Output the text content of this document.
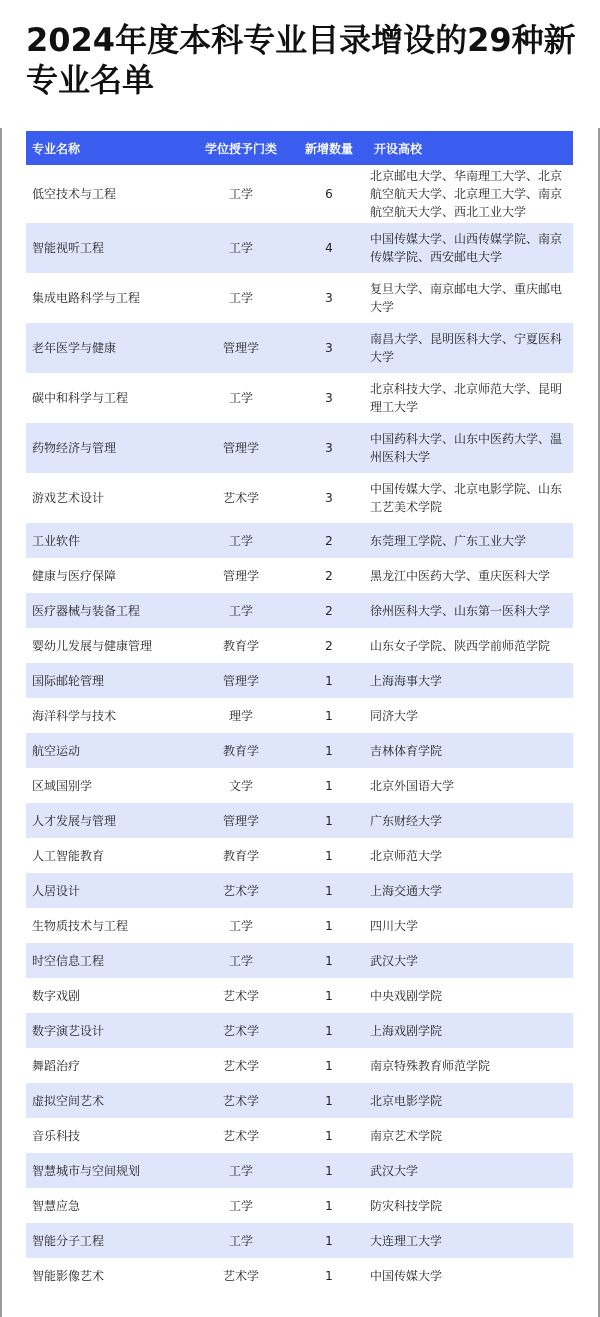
2024年度本科专业目录增设的29种新专业名单
专业名称	学位授予门类	新增数量	开设高校
低空技术与工程	工学	6	北京邮电大学、华南理工大学、北京航空航天大学、北京理工大学、南京航空航天大学、西北工业大学
智能视听工程	工学	4	中国传媒大学、山西传媒学院、南京传媒学院、西安邮电大学
集成电路科学与工程	工学	3	复旦大学、南京邮电大学、重庆邮电大学
老年医学与健康	管理学	3	南昌大学、昆明医科大学、宁夏医科大学
碳中和科学与工程	工学	3	北京科技大学、北京师范大学、昆明理工大学
药物经济与管理	管理学	3	中国药科大学、山东中医药大学、温州医科大学
游戏艺术设计	艺术学	3	中国传媒大学、北京电影学院、山东工艺美术学院
工业软件	工学	2	东莞理工学院、广东工业大学
健康与医疗保障	管理学	2	黑龙江中医药大学、重庆医科大学
医疗器械与装备工程	工学	2	徐州医科大学、山东第一医科大学
婴幼儿发展与健康管理	教育学	2	山东女子学院、陕西学前师范学院
国际邮轮管理	管理学	1	上海海事大学
海洋科学与技术	理学	1	同济大学
航空运动	教育学	1	吉林体育学院
区域国别学	文学	1	北京外国语大学
人才发展与管理	管理学	1	广东财经大学
人工智能教育	教育学	1	北京师范大学
人居设计	艺术学	1	上海交通大学
生物质技术与工程	工学	1	四川大学
时空信息工程	工学	1	武汉大学
数字戏剧	艺术学	1	中央戏剧学院
数字演艺设计	艺术学	1	上海戏剧学院
舞蹈治疗	艺术学	1	南京特殊教育师范学院
虚拟空间艺术	艺术学	1	北京电影学院
音乐科技	艺术学	1	南京艺术学院
智慧城市与空间规划	工学	1	武汉大学
智慧应急	工学	1	防灾科技学院
智能分子工程	工学	1	大连理工大学
智能影像艺术	艺术学	1	中国传媒大学
